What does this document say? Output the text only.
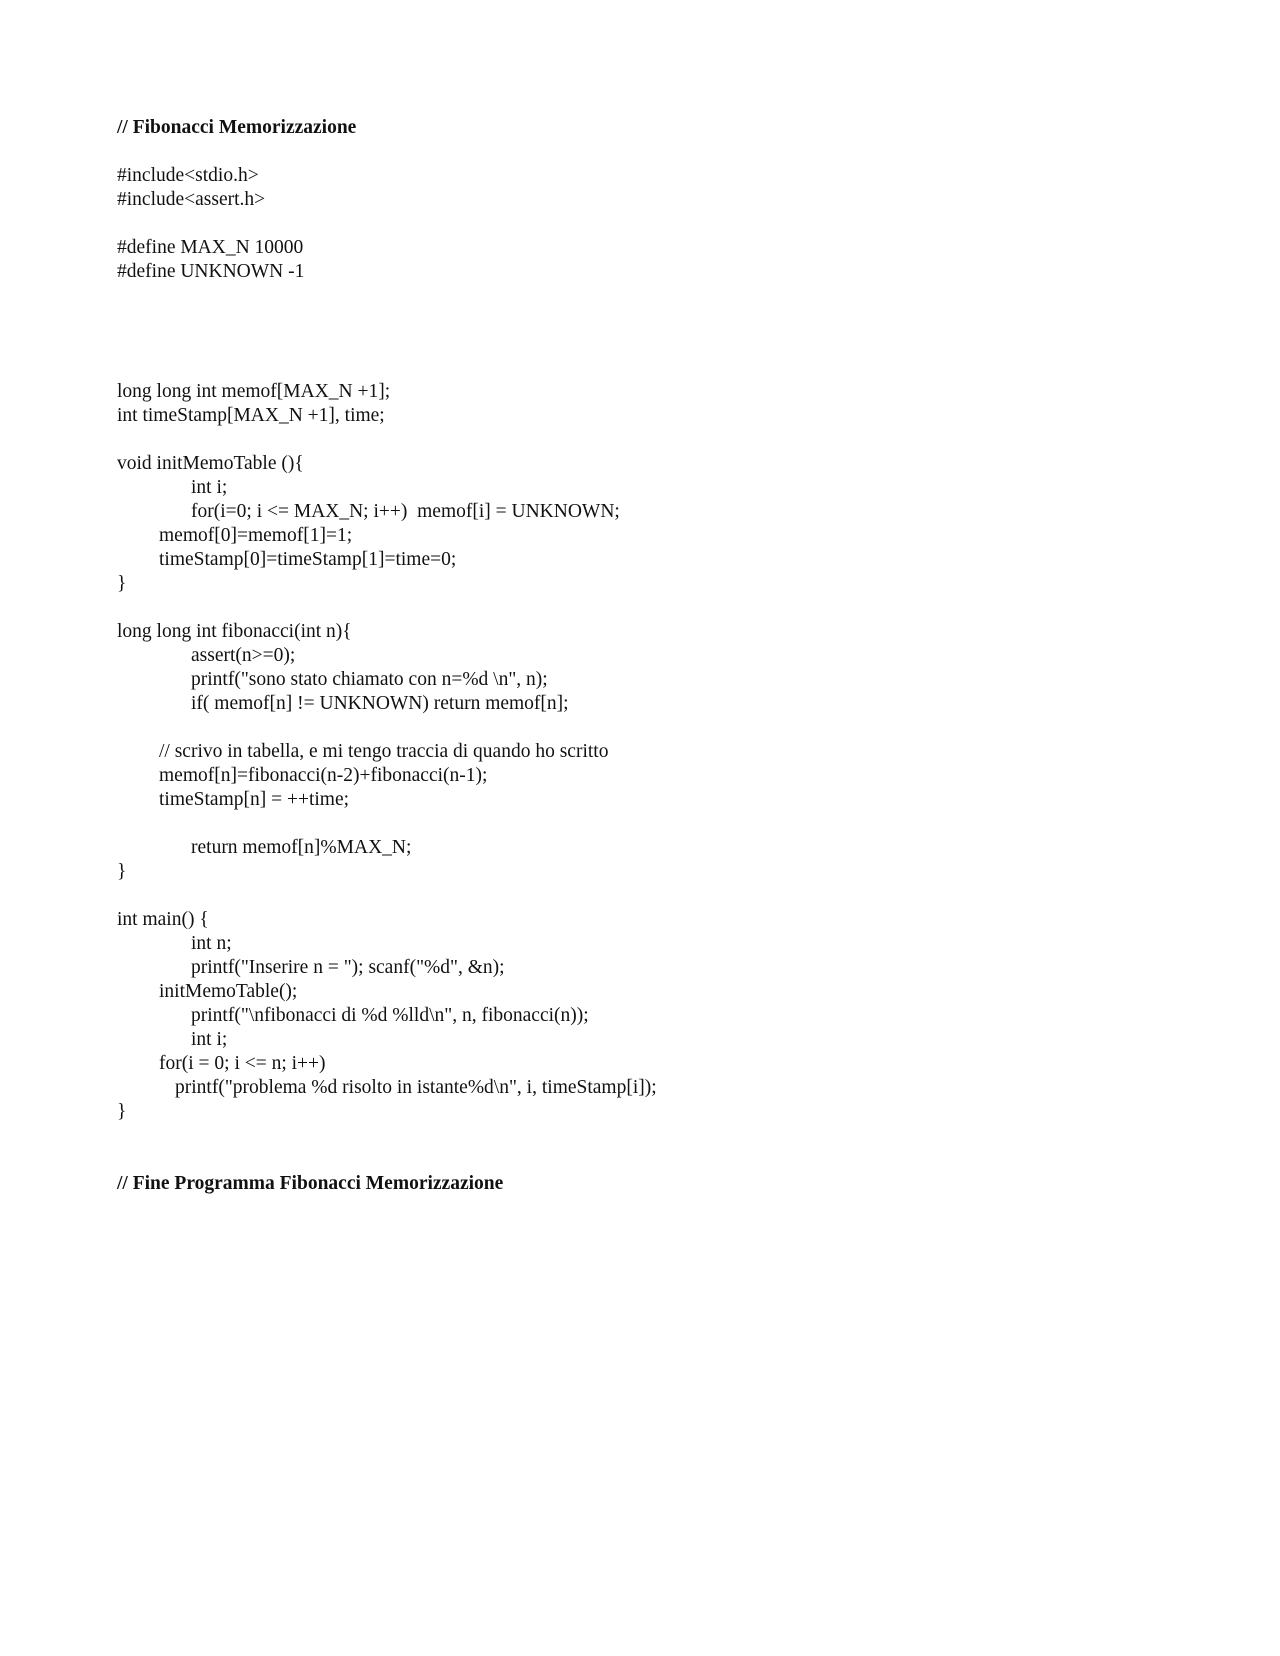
// Fibonacci Memorizzazione
#include<stdio.h>
#include<assert.h>
#define MAX_N 10000
#define UNKNOWN -1
long long int memof[MAX_N +1];
int timeStamp[MAX_N +1], time;
void initMemoTable (){
int i;
for(i=0; i <= MAX_N; i++)  memof[i] = UNKNOWN;
memof[0]=memof[1]=1;
timeStamp[0]=timeStamp[1]=time=0;
}
long long int fibonacci(int n){
assert(n>=0);
printf("sono stato chiamato con n=%d \n", n);
if( memof[n] != UNKNOWN) return memof[n];
// scrivo in tabella, e mi tengo traccia di quando ho scritto
memof[n]=fibonacci(n-2)+fibonacci(n-1);
timeStamp[n] = ++time;
return memof[n]%MAX_N;
}
int main() {
int n;
printf("Inserire n = "); scanf("%d", &n);
initMemoTable();
printf("\nfibonacci di %d %lld\n", n, fibonacci(n));
int i;
for(i = 0; i <= n; i++)
printf("problema %d risolto in istante%d\n", i, timeStamp[i]);
}
// Fine Programma Fibonacci Memorizzazione
